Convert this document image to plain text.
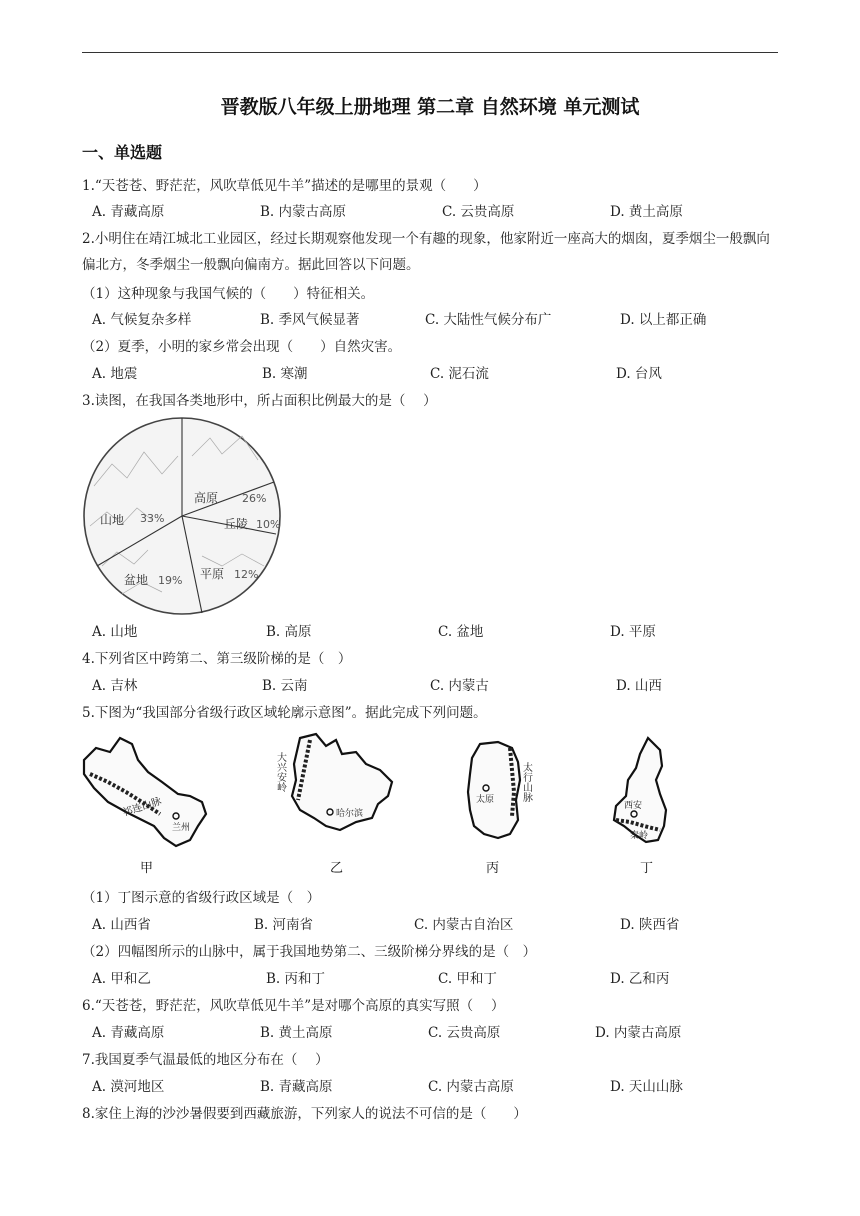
晋教版八年级上册地理 第二章 自然环境 单元测试
一、单选题
1.“天苍苍、野茫茫，风吹草低见牛羊”描述的是哪里的景观（　　）
A. 青藏高原	B. 内蒙古高原	C. 云贵高原	D. 黄土高原
2.小明住在靖江城北工业园区，经过长期观察他发现一个有趣的现象，他家附近一座高大的烟囱，夏季烟尘一般飘向偏北方，冬季烟尘一般飘向偏南方。据此回答以下问题。
（1）这种现象与我国气候的（　　）特征相关。
A. 气候复杂多样	B. 季风气候显著	C. 大陆性气候分布广	D. 以上都正确
（2）夏季，小明的家乡常会出现（　　）自然灾害。
A. 地震	B. 寒潮	C. 泥石流	D. 台风
3.读图，在我国各类地形中，所占面积比例最大的是（　 ）
山地 33%
高原 26%
丘陵 10%
盆地 19% 平原 12%
A. 山地	B. 高原	C. 盆地	D. 平原
4.下列省区中跨第二、第三级阶梯的是（　）
A. 吉林	B. 云南	C. 内蒙古	D. 山西
5.下图为“我国部分省级行政区域轮廓示意图”。据此完成下列问题。
祁连山脉
兰州
甲
大兴安岭
哈尔滨
乙
太行山脉
太原
丙
秦岭
西安
丁
（1）丁图示意的省级行政区域是（　）
A. 山西省	B. 河南省	C. 内蒙古自治区	D. 陕西省
（2）四幅图所示的山脉中，属于我国地势第二、三级阶梯分界线的是（　）
A. 甲和乙	B. 丙和丁	C. 甲和丁	D. 乙和丙
6.“天苍苍，野茫茫，风吹草低见牛羊”是对哪个高原的真实写照（　 ）
A. 青藏高原	B. 黄土高原	C. 云贵高原	D. 内蒙古高原
7.我国夏季气温最低的地区分布在（　 ）
A. 漠河地区	B. 青藏高原	C. 内蒙古高原	D. 天山山脉
8.家住上海的沙沙暑假要到西藏旅游，下列家人的说法不可信的是（　　）
